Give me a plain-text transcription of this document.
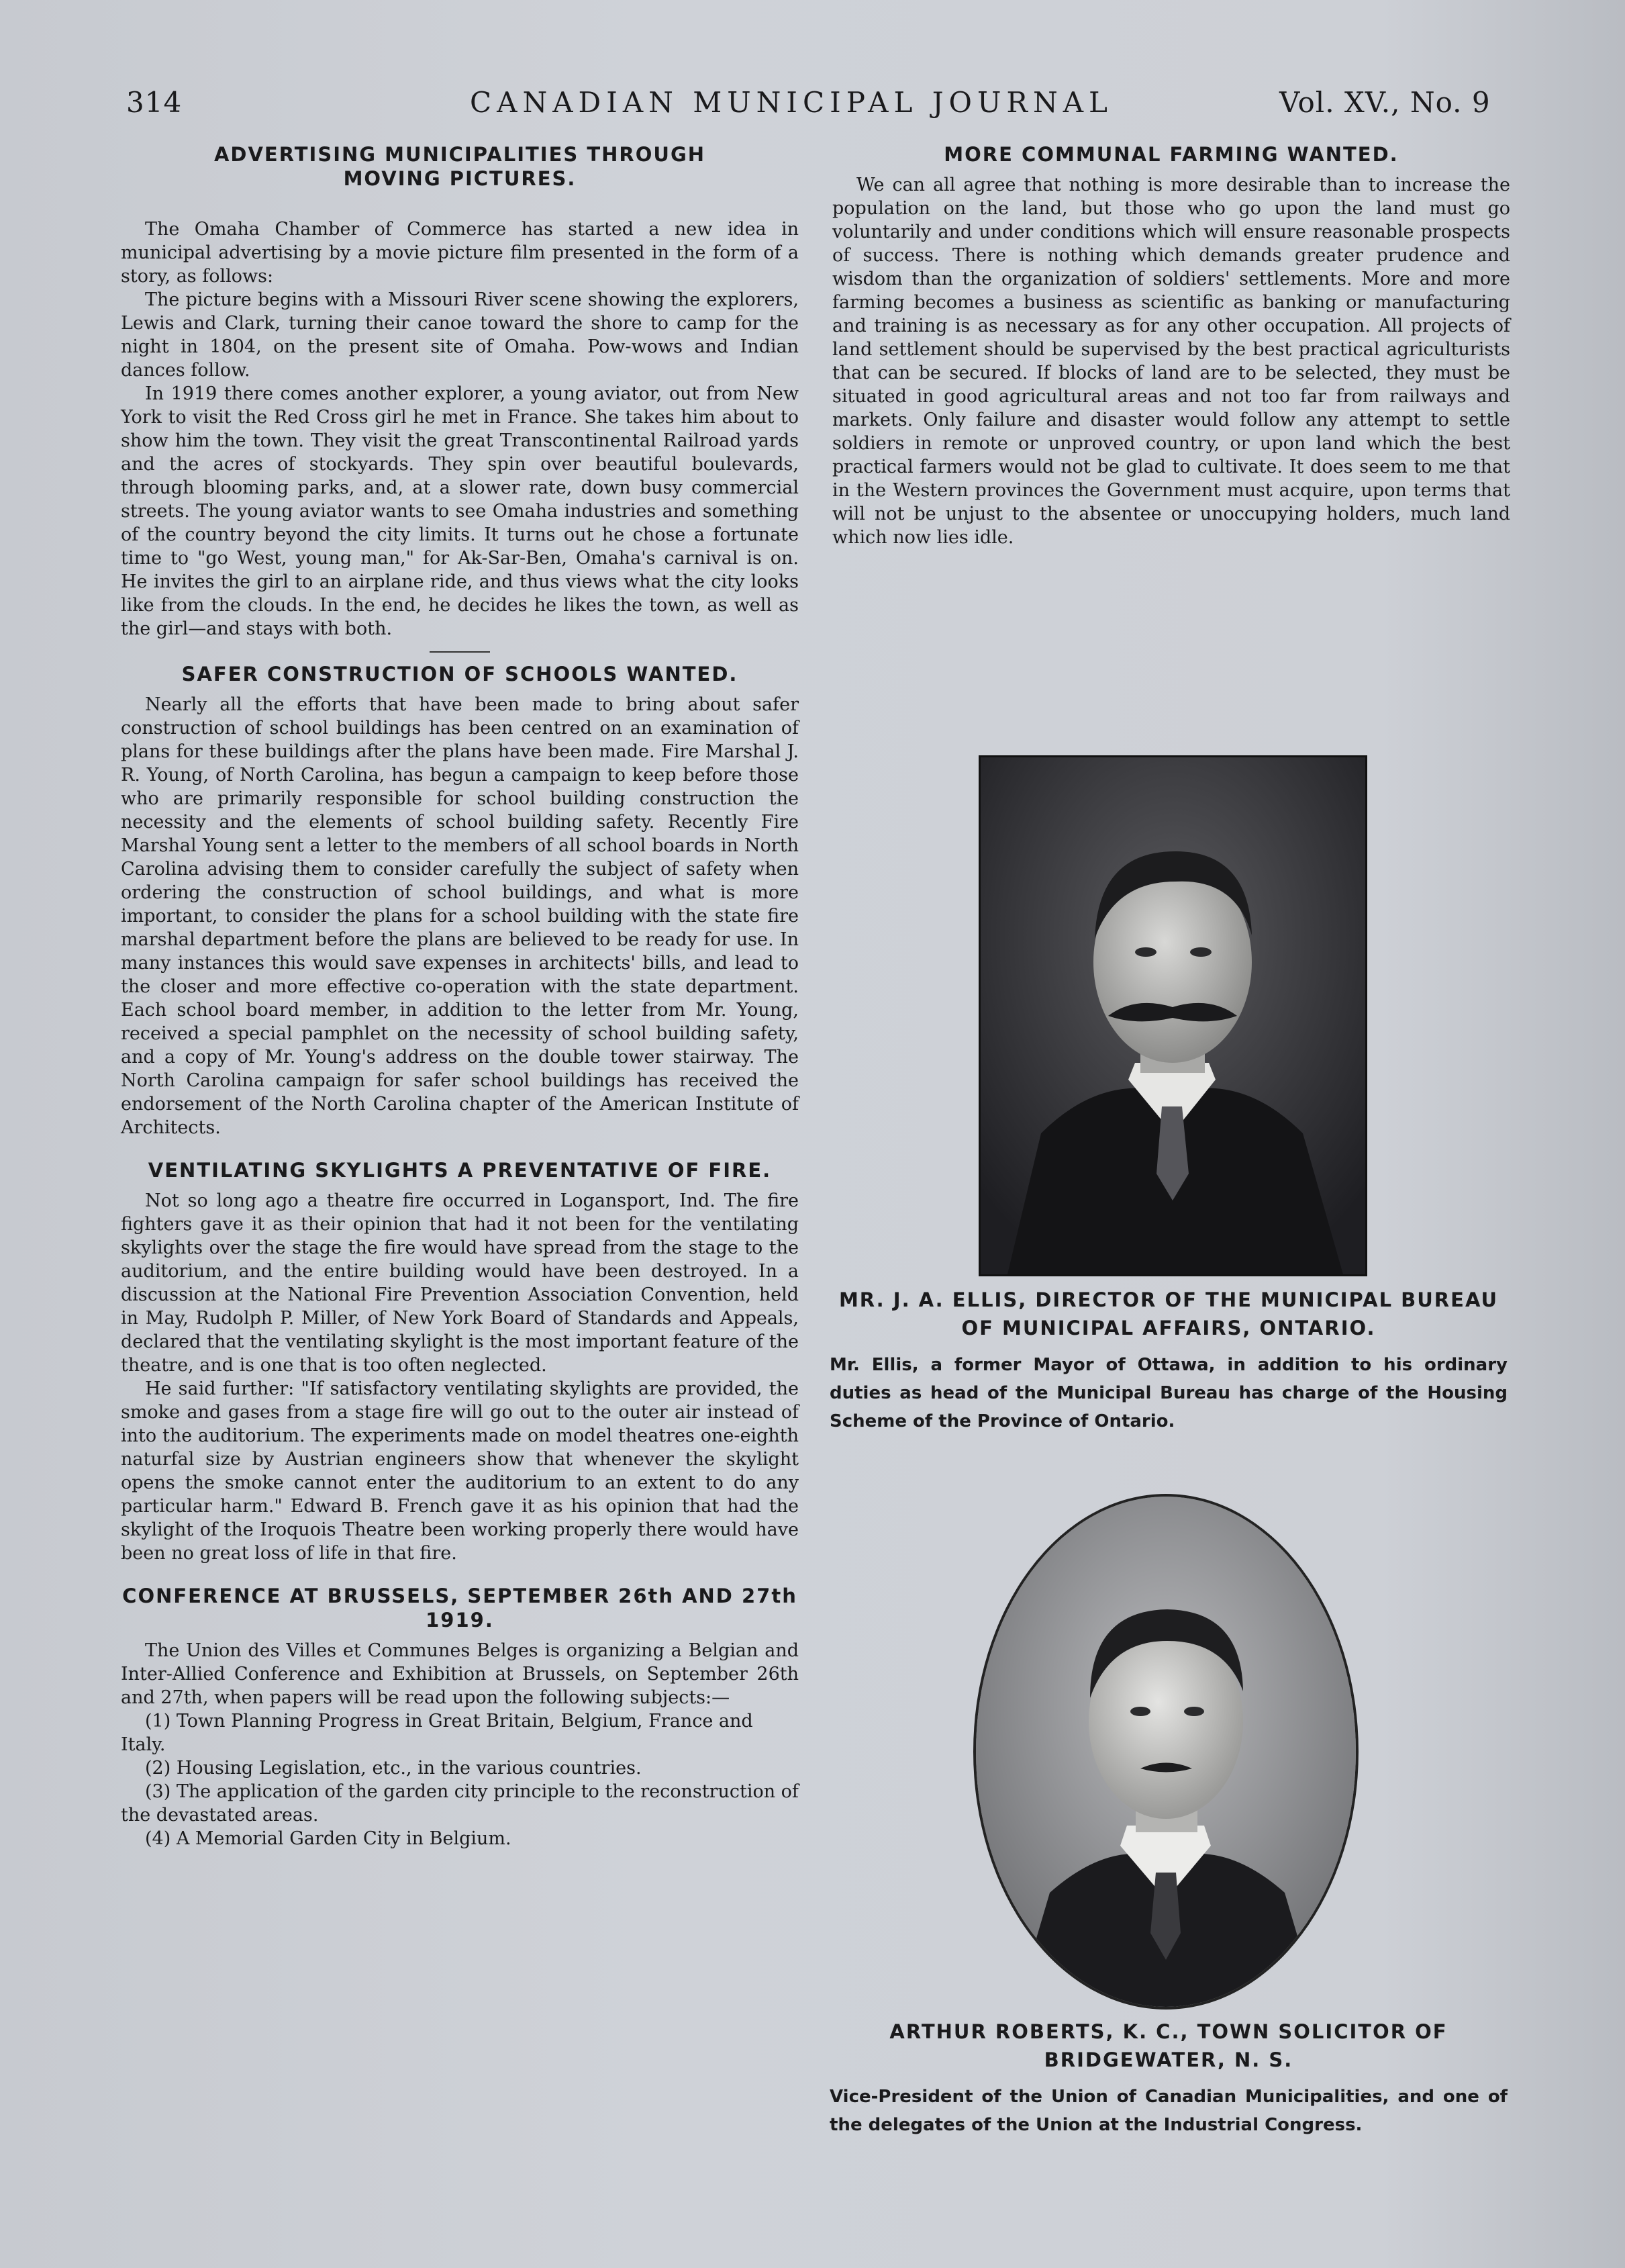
314	CANADIAN MUNICIPAL JOURNAL	Vol. XV., No. 9
ADVERTISING MUNICIPALITIES THROUGH MOVING PICTURES.

The Omaha Chamber of Commerce has started a new idea in municipal advertising by a movie picture film presented in the form of a story, as follows:

The picture begins with a Missouri River scene showing the explorers, Lewis and Clark, turning their canoe toward the shore to camp for the night in 1804, on the present site of Omaha. Pow-wows and Indian dances follow.

In 1919 there comes another explorer, a young aviator, out from New York to visit the Red Cross girl he met in France. She takes him about to show him the town. They visit the great Transcontinental Railroad yards and the acres of stockyards. They spin over beautiful boulevards, through blooming parks, and, at a slower rate, down busy commercial streets. The young aviator wants to see Omaha industries and something of the country beyond the city limits. It turns out he chose a fortunate time to "go West, young man," for Ak-Sar-Ben, Omaha's carnival is on. He invites the girl to an airplane ride, and thus views what the city looks like from the clouds. In the end, he decides he likes the town, as well as the girl—and stays with both.

SAFER CONSTRUCTION OF SCHOOLS WANTED.

Nearly all the efforts that have been made to bring about safer construction of school buildings has been centred on an examination of plans for these buildings after the plans have been made. Fire Marshal J. R. Young, of North Carolina, has begun a campaign to keep before those who are primarily responsible for school building construction the necessity and the elements of school building safety. Recently Fire Marshal Young sent a letter to the members of all school boards in North Carolina advising them to consider carefully the subject of safety when ordering the construction of school buildings, and what is more important, to consider the plans for a school building with the state fire marshal department before the plans are believed to be ready for use. In many instances this would save expenses in architects' bills, and lead to the closer and more effective co-operation with the state department. Each school board member, in addition to the letter from Mr. Young, received a special pamphlet on the necessity of school building safety, and a copy of Mr. Young's address on the double tower stairway. The North Carolina campaign for safer school buildings has received the endorsement of the North Carolina chapter of the American Institute of Architects.

VENTILATING SKYLIGHTS A PREVENTATIVE OF FIRE.

Not so long ago a theatre fire occurred in Logansport, Ind. The fire fighters gave it as their opinion that had it not been for the ventilating skylights over the stage the fire would have spread from the stage to the auditorium, and the entire building would have been destroyed. In a discussion at the National Fire Prevention Association Convention, held in May, Rudolph P. Miller, of New York Board of Standards and Appeals, declared that the ventilating skylight is the most important feature of the theatre, and is one that is too often neglected.

He said further: "If satisfactory ventilating skylights are provided, the smoke and gases from a stage fire will go out to the outer air instead of into the auditorium. The experiments made on model theatres one-eighth naturfal size by Austrian engineers show that whenever the skylight opens the smoke cannot enter the auditorium to an extent to do any particular harm." Edward B. French gave it as his opinion that had the skylight of the Iroquois Theatre been working properly there would have been no great loss of life in that fire.

CONFERENCE AT BRUSSELS, SEPTEMBER 26th AND 27th 1919.

The Union des Villes et Communes Belges is organizing a Belgian and Inter-Allied Conference and Exhibition at Brussels, on September 26th and 27th, when papers will be read upon the following subjects:—

(1) Town Planning Progress in Great Britain, Belgium, France and Italy.

(2) Housing Legislation, etc., in the various countries.

(3) The application of the garden city principle to the reconstruction of the devastated areas.

(4) A Memorial Garden City in Belgium.

MORE COMMUNAL FARMING WANTED.

We can all agree that nothing is more desirable than to increase the population on the land, but those who go upon the land must go voluntarily and under conditions which will ensure reasonable prospects of success. There is nothing which demands greater prudence and wisdom than the organization of soldiers' settlements. More and more farming becomes a business as scientific as banking or manufacturing and training is as necessary as for any other occupation. All projects of land settlement should be supervised by the best practical agriculturists that can be secured. If blocks of land are to be selected, they must be situated in good agricultural areas and not too far from railways and markets. Only failure and disaster would follow any attempt to settle soldiers in remote or unproved country, or upon land which the best practical farmers would not be glad to cultivate. It does seem to me that in the Western provinces the Government must acquire, upon terms that will not be unjust to the absentee or unoccupying holders, much land which now lies idle.

MR. J. A. ELLIS, DIRECTOR OF THE MUNICIPAL BUREAU OF MUNICIPAL AFFAIRS, ONTARIO.

Mr. Ellis, a former Mayor of Ottawa, in addition to his ordinary duties as head of the Municipal Bureau has charge of the Housing Scheme of the Province of Ontario.

ARTHUR ROBERTS, K. C., TOWN SOLICITOR OF BRIDGEWATER, N. S.

Vice-President of the Union of Canadian Municipalities, and one of the delegates of the Union at the Industrial Congress.
